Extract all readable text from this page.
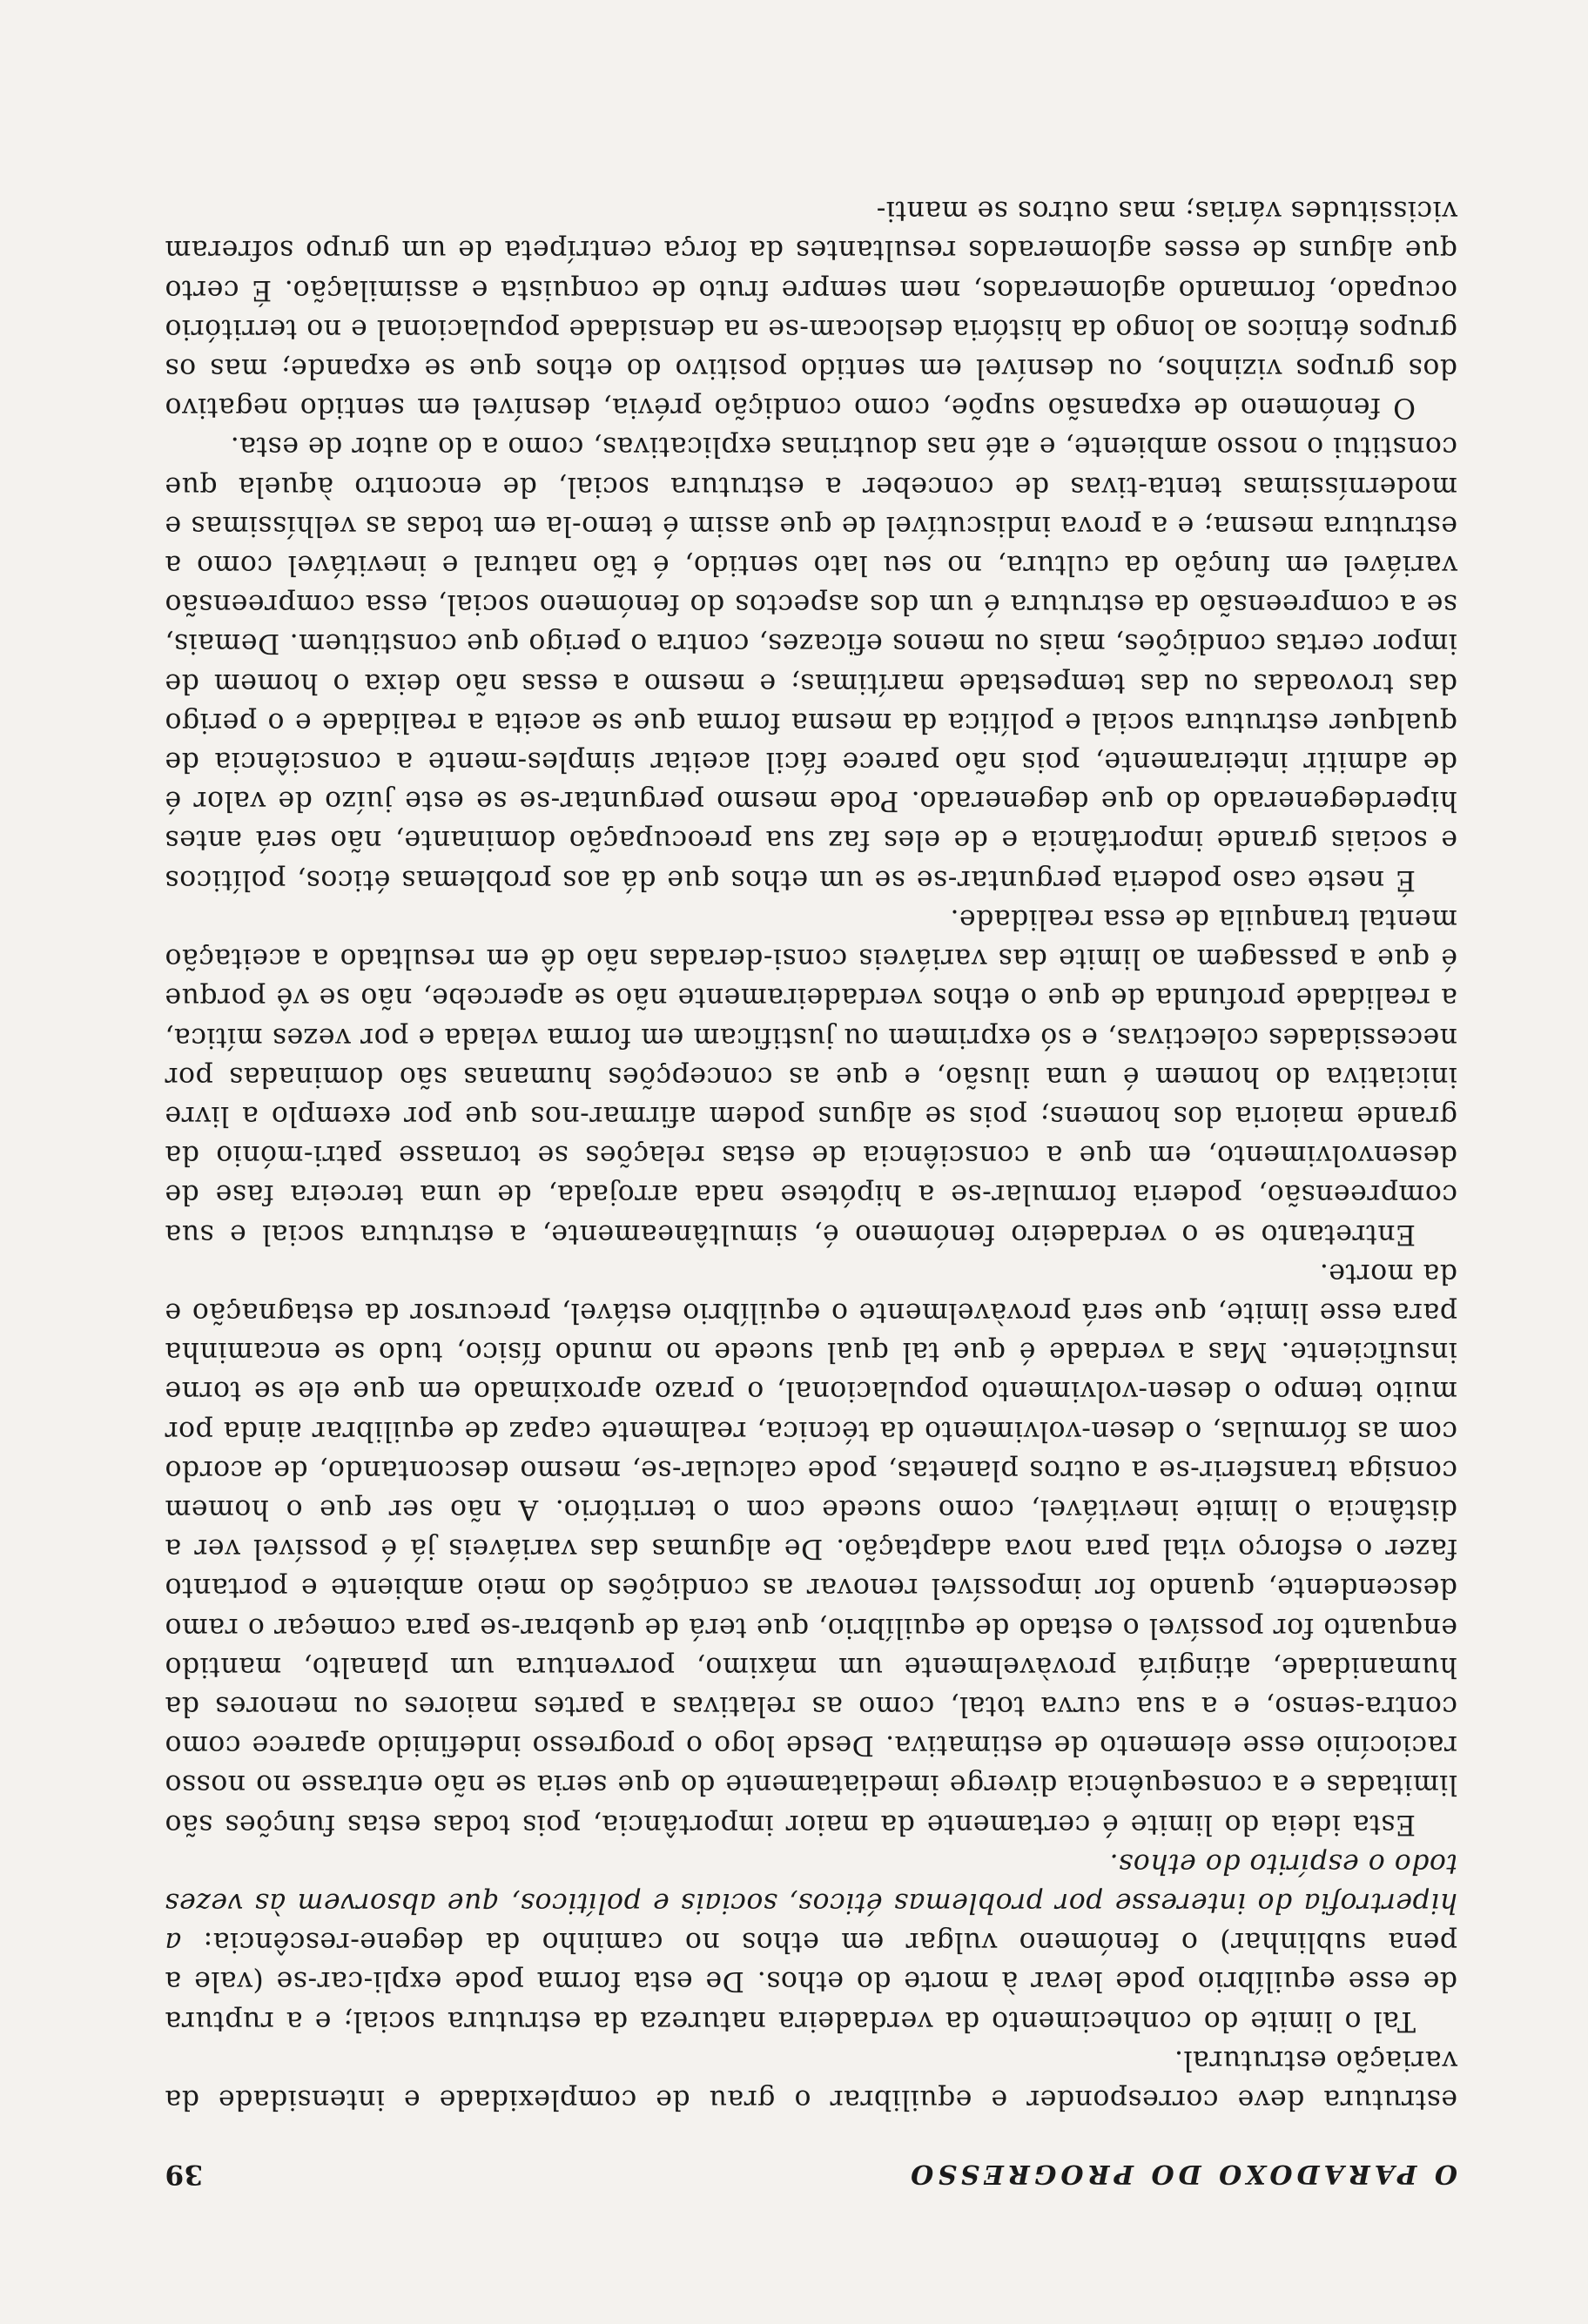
O PARADOXO DO PROGRESSO
39

estrutura deve corresponder e equilibrar o grau de complexidade e intensidade da variação estrutural.

Tal o limite do conhecimento da verdadeira natureza da estrutura social; e a ruptura de esse equilíbrio pode levar à morte do ethos. De esta forma pode expli-car-se (vale a pena sublinhar) o fenómeno vulgar em ethos no caminho da degene-rescência: a hipertrofia do interesse por problemas éticos, sociais e políticos, que absorvem às vezes todo o espírito do ethos.

Esta ideia do limite é certamente da maior importância, pois todas estas funções são limitadas e a consequência diverge imediatamente do que seria se não entrasse no nosso raciocínio esse elemento de estimativa. Desde logo o progresso indefinido aparece como contra-senso, e a sua curva total, como as relativas a partes maiores ou menores da humanidade, atingirá provàvelmente um máximo, porventura um planalto, mantido enquanto for possível o estado de equilíbrio, que terá de quebrar-se para começar o ramo descendente, quando for impossível renovar as condições do meio ambiente e portanto fazer o esforço vital para nova adaptação. De algumas das variáveis já é possível ver a distância o limite inevitável, como sucede com o território. A não ser que o homem consiga transferir-se a outros planetas, pode calcular-se, mesmo descontando, de acordo com as fórmulas, o desen-volvimento da técnica, realmente capaz de equilibrar ainda por muito tempo o desen-volvimento populacional, o prazo aproximado em que ele se torne insuficiente. Mas a verdade é que tal qual sucede no mundo físico, tudo se encaminha para esse limite, que será provàvelmente o equilíbrio estável, precursor da estagnação e da morte.

Entretanto se o verdadeiro fenómeno é, simultâneamente, a estrutura social e sua compreensão, poderia formular-se a hipótese nada arrojada, de uma terceira fase de desenvolvimento, em que a consciência de estas relações se tornasse patri-mónio da grande maioria dos homens; pois se alguns podem afirmar-nos que por exemplo a livre iniciativa do homem é uma ilusão, e que as concepções humanas são dominadas por necessidades colectivas, e só exprimem ou justificam em forma velada e por vezes mítica, a realidade profunda de que o ethos verdadeiramente não se apercebe, não se vê porque é que a passagem ao limite das variáveis consi-deradas não dê em resultado a aceitação mental tranquila de essa realidade.

É neste caso poderia perguntar-se se um ethos que dá aos problemas éticos, políticos e sociais grande importância e de eles faz sua preocupação dominante, não será antes hiperdegenerado do que degenerado. Pode mesmo perguntar-se se este juízo de valor é de admitir inteiramente, pois não parece fácil aceitar simples-mente a consciência de qualquer estrutura social e política da mesma forma que se aceita a realidade e o perigo das trovoadas ou das tempestade marítimas; e mesmo a essas não deixa o homem de impor certas condições, mais ou menos eficazes, contra o perigo que constituem. Demais, se a compreensão da estrutura é um dos aspectos do fenómeno social, essa compreensão variável em função da cultura, no seu lato sentido, é tão natural e inevitável como a estrutura mesma; e a prova indiscutível de que assim é temo-la em todas as velhíssimas e moderníssimas tenta-tivas de conceber a estrutura social, de encontro àquela que constitui o nosso ambiente, e até nas doutrinas explicativas, como a do autor de esta.

O fenómeno de expansão supõe, como condição prévia, desnível em sentido negativo dos grupos vizinhos, ou desnível em sentido positivo do ethos que se expande; mas os grupos étnicos ao longo da história deslocam-se na densidade populacional e no território ocupado, formando aglomerados, nem sempre fruto de conquista e assimilação. É certo que alguns de esses aglomerados resultantes da força centrípeta de um grupo sofreram vicissitudes várias; mas outros se manti-
